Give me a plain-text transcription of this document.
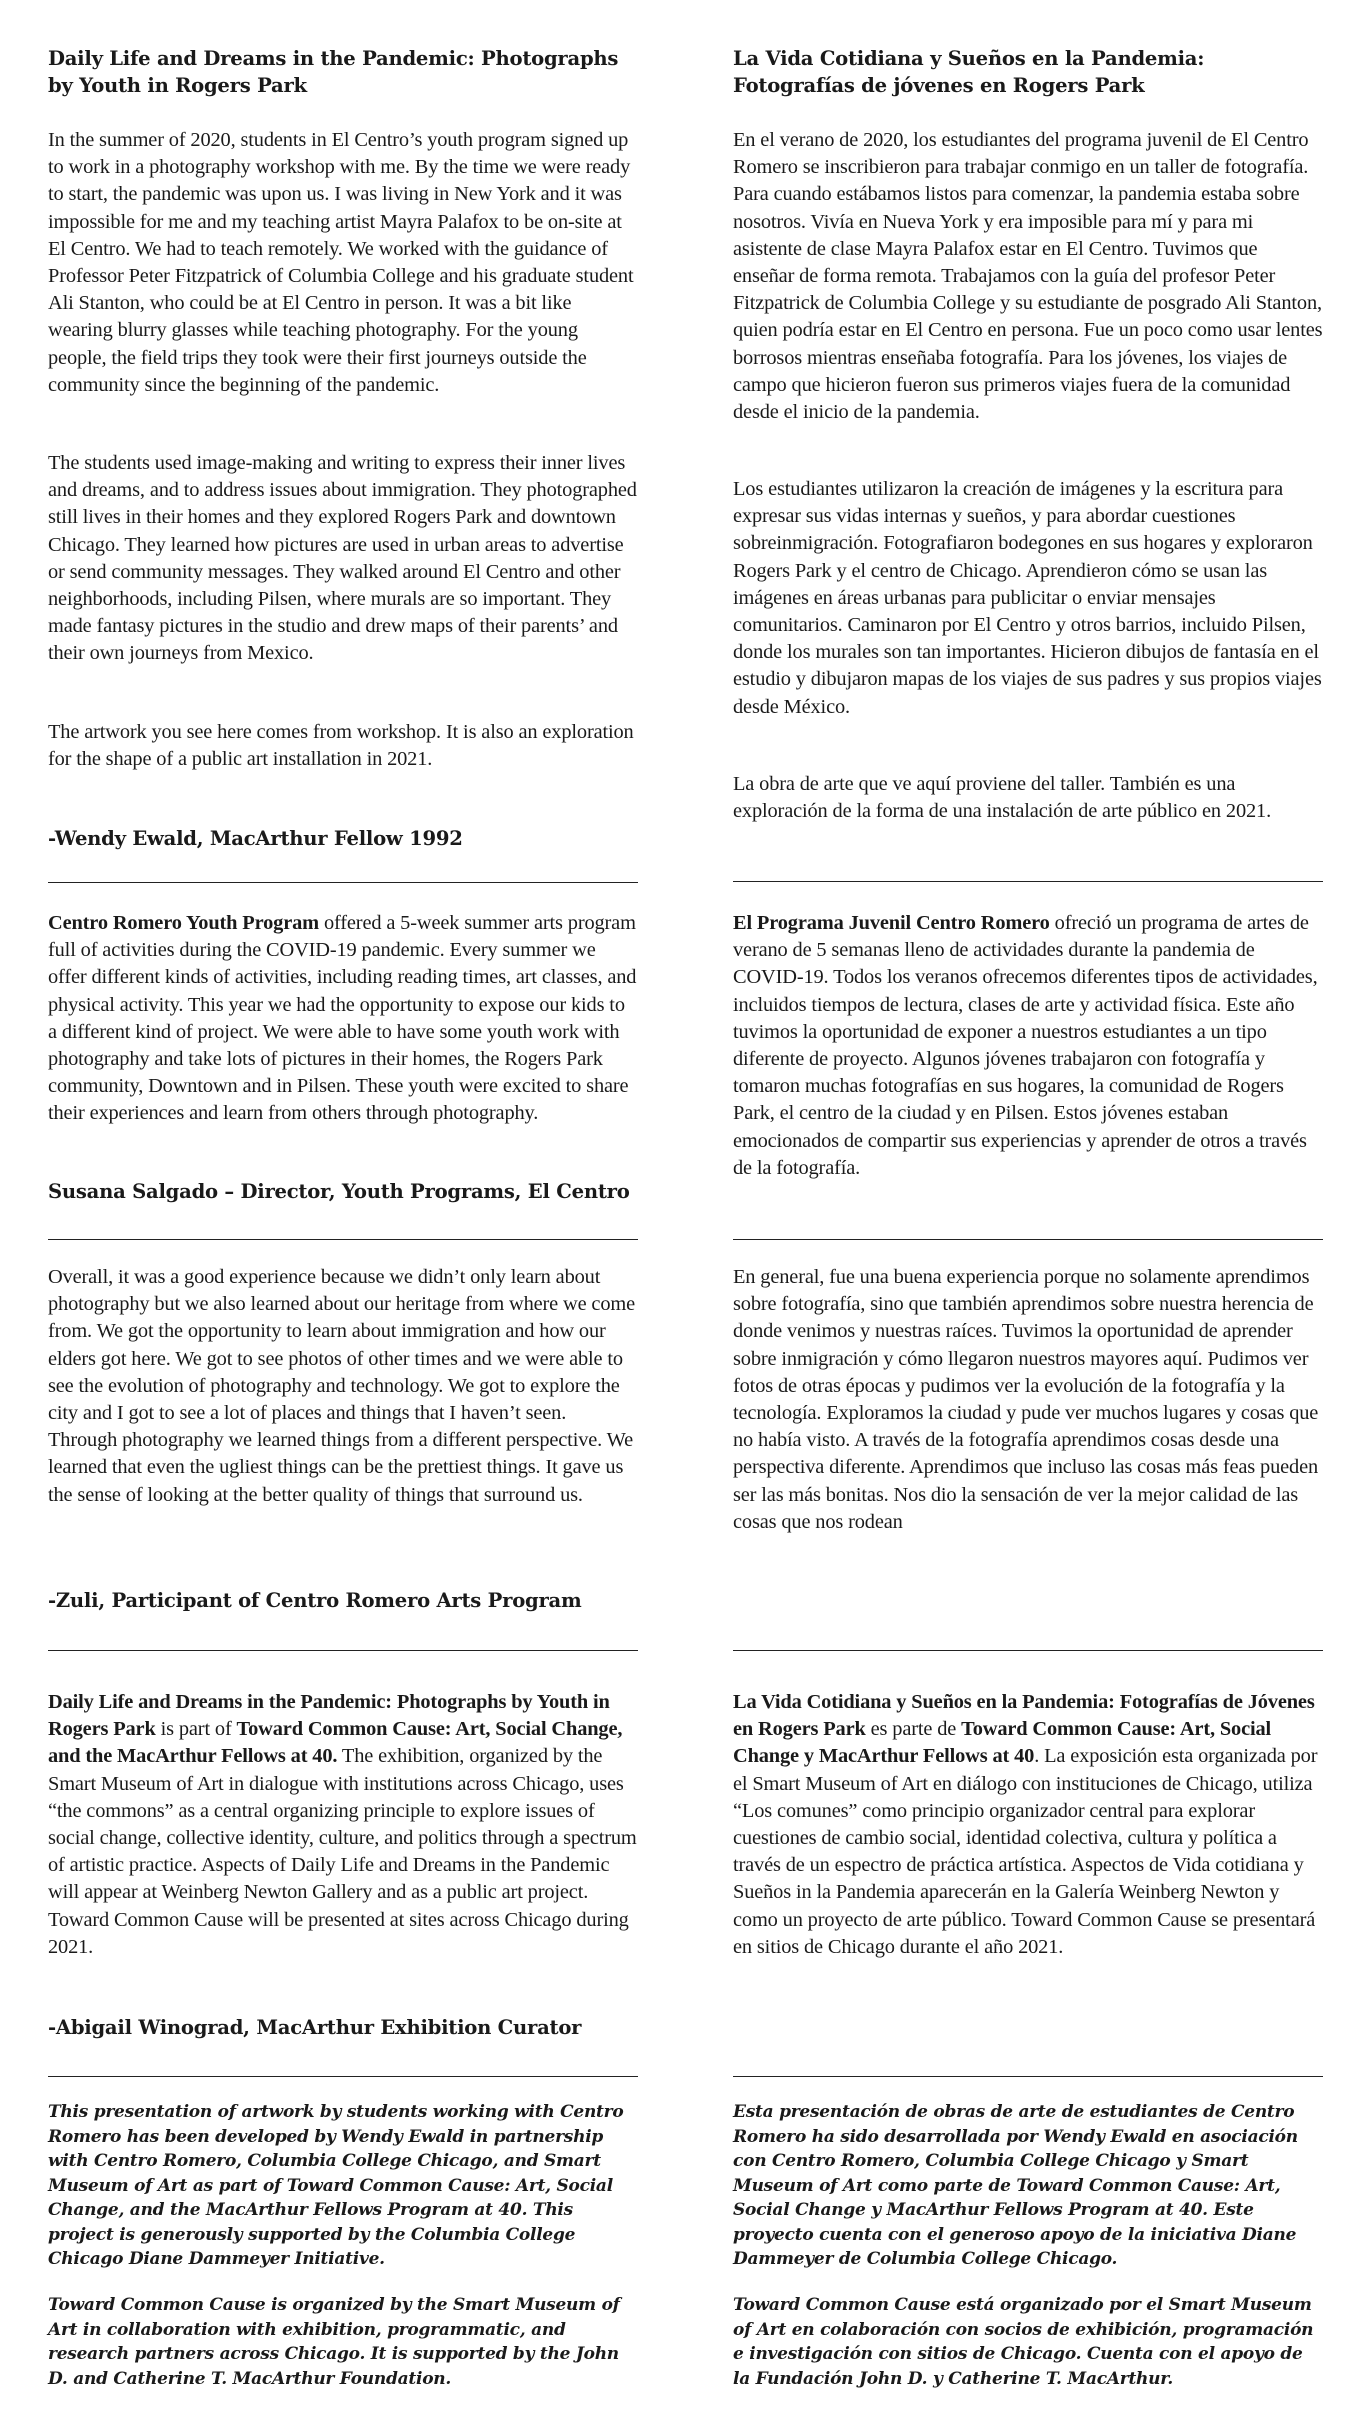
Daily Life and Dreams in the Pandemic: Photographs by Youth in Rogers Park

In the summer of 2020, students in El Centro’s youth program signed up to work in a photography workshop with me. By the time we were ready to start, the pandemic was upon us. I was living in New York and it was impossible for me and my teaching artist Mayra Palafox to be on-site at El Centro. We had to teach remotely. We worked with the guidance of Professor Peter Fitzpatrick of Columbia College and his graduate student Ali Stanton, who could be at El Centro in person. It was a bit like wearing blurry glasses while teaching photography. For the young people, the field trips they took were their first journeys outside the community since the beginning of the pandemic.

The students used image-making and writing to express their inner lives and dreams, and to address issues about immigration. They photographed still lives in their homes and they explored Rogers Park and downtown Chicago. They learned how pictures are used in urban areas to advertise or send community messages. They walked around El Centro and other neighborhoods, including Pilsen, where murals are so important. They made fantasy pictures in the studio and drew maps of their parents’ and their own journeys from Mexico.

The artwork you see here comes from workshop. It is also an exploration for the shape of a public art installation in 2021.

-Wendy Ewald, MacArthur Fellow 1992

Centro Romero Youth Program offered a 5-week summer arts program full of activities during the COVID-19 pandemic. Every summer we offer different kinds of activities, including reading times, art classes, and physical activity. This year we had the opportunity to expose our kids to a different kind of project. We were able to have some youth work with photography and take lots of pictures in their homes, the Rogers Park community, Downtown and in Pilsen. These youth were excited to share their experiences and learn from others through photography.

Susana Salgado – Director, Youth Programs, El Centro

Overall, it was a good experience because we didn’t only learn about photography but we also learned about our heritage from where we come from. We got the opportunity to learn about immigration and how our elders got here. We got to see photos of other times and we were able to see the evolution of photography and technology. We got to explore the city and I got to see a lot of places and things that I haven’t seen. Through photography we learned things from a different perspective. We learned that even the ugliest things can be the prettiest things. It gave us the sense of looking at the better quality of things that surround us.

-Zuli, Participant of Centro Romero Arts Program

Daily Life and Dreams in the Pandemic: Photographs by Youth in Rogers Park is part of Toward Common Cause: Art, Social Change, and the MacArthur Fellows at 40. The exhibition, organized by the Smart Museum of Art in dialogue with institutions across Chicago, uses “the commons” as a central organizing principle to explore issues of social change, collective identity, culture, and politics through a spectrum of artistic practice. Aspects of Daily Life and Dreams in the Pandemic will appear at Weinberg Newton Gallery and as a public art project. Toward Common Cause will be presented at sites across Chicago during 2021.

-Abigail Winograd, MacArthur Exhibition Curator

This presentation of artwork by students working with Centro Romero has been developed by Wendy Ewald in partnership with Centro Romero, Columbia College Chicago, and Smart Museum of Art as part of Toward Common Cause: Art, Social Change, and the MacArthur Fellows Program at 40. This project is generously supported by the Columbia College Chicago Diane Dammeyer Initiative.

Toward Common Cause is organized by the Smart Museum of Art in collaboration with exhibition, programmatic, and research partners across Chicago. It is supported by the John D. and Catherine T. MacArthur Foundation.

La Vida Cotidiana y Sueños en la Pandemia: Fotografías de jóvenes en Rogers Park

En el verano de 2020, los estudiantes del programa juvenil de El Centro Romero se inscribieron para trabajar conmigo en un taller de fotografía. Para cuando estábamos listos para comenzar, la pandemia estaba sobre nosotros. Vivía en Nueva York y era imposible para mí y para mi asistente de clase Mayra Palafox estar en El Centro. Tuvimos que enseñar de forma remota. Trabajamos con la guía del profesor Peter Fitzpatrick de Columbia College y su estudiante de posgrado Ali Stanton, quien podría estar en El Centro en persona. Fue un poco como usar lentes borrosos mientras enseñaba fotografía. Para los jóvenes, los viajes de campo que hicieron fueron sus primeros viajes fuera de la comunidad desde el inicio de la pandemia.

Los estudiantes utilizaron la creación de imágenes y la escritura para expresar sus vidas internas y sueños, y para abordar cuestiones sobreinmigración. Fotografiaron bodegones en sus hogares y exploraron Rogers Park y el centro de Chicago. Aprendieron cómo se usan las imágenes en áreas urbanas para publicitar o enviar mensajes comunitarios. Caminaron por El Centro y otros barrios, incluido Pilsen, donde los murales son tan importantes. Hicieron dibujos de fantasía en el estudio y dibujaron mapas de los viajes de sus padres y sus propios viajes desde México.

La obra de arte que ve aquí proviene del taller. También es una exploración de la forma de una instalación de arte público en 2021.

El Programa Juvenil Centro Romero ofreció un programa de artes de verano de 5 semanas lleno de actividades durante la pandemia de COVID-19. Todos los veranos ofrecemos diferentes tipos de actividades, incluidos tiempos de lectura, clases de arte y actividad física. Este año tuvimos la oportunidad de exponer a nuestros estudiantes a un tipo diferente de proyecto. Algunos jóvenes trabajaron con fotografía y tomaron muchas fotografías en sus hogares, la comunidad de Rogers Park, el centro de la ciudad y en Pilsen. Estos jóvenes estaban emocionados de compartir sus experiencias y aprender de otros a través de la fotografía.

En general, fue una buena experiencia porque no solamente aprendimos sobre fotografía, sino que también aprendimos sobre nuestra herencia de donde venimos y nuestras raíces. Tuvimos la oportunidad de aprender sobre inmigración y cómo llegaron nuestros mayores aquí. Pudimos ver fotos de otras épocas y pudimos ver la evolución de la fotografía y la tecnología. Exploramos la ciudad y pude ver muchos lugares y cosas que no había visto. A través de la fotografía aprendimos cosas desde una perspectiva diferente. Aprendimos que incluso las cosas más feas pueden ser las más bonitas. Nos dio la sensación de ver la mejor calidad de las cosas que nos rodean

La Vida Cotidiana y Sueños en la Pandemia: Fotografías de Jóvenes en Rogers Park es parte de Toward Common Cause: Art, Social Change y MacArthur Fellows at 40. La exposición esta organizada por el Smart Museum of Art en diálogo con instituciones de Chicago, utiliza “Los comunes” como principio organizador central para explorar cuestiones de cambio social, identidad colectiva, cultura y política a través de un espectro de práctica artística. Aspectos de Vida cotidiana y Sueños in la Pandemia aparecerán en la Galería Weinberg Newton y como un proyecto de arte público. Toward Common Cause se presentará en sitios de Chicago durante el año 2021.

Esta presentación de obras de arte de estudiantes de Centro Romero ha sido desarrollada por Wendy Ewald en asociación con Centro Romero, Columbia College Chicago y Smart Museum of Art como parte de Toward Common Cause: Art, Social Change y MacArthur Fellows Program at 40. Este proyecto cuenta con el generoso apoyo de la iniciativa Diane Dammeyer de Columbia College Chicago.

Toward Common Cause está organizado por el Smart Museum of Art en colaboración con socios de exhibición, programación e investigación con sitios de Chicago. Cuenta con el apoyo de la Fundación John D. y Catherine T. MacArthur.
